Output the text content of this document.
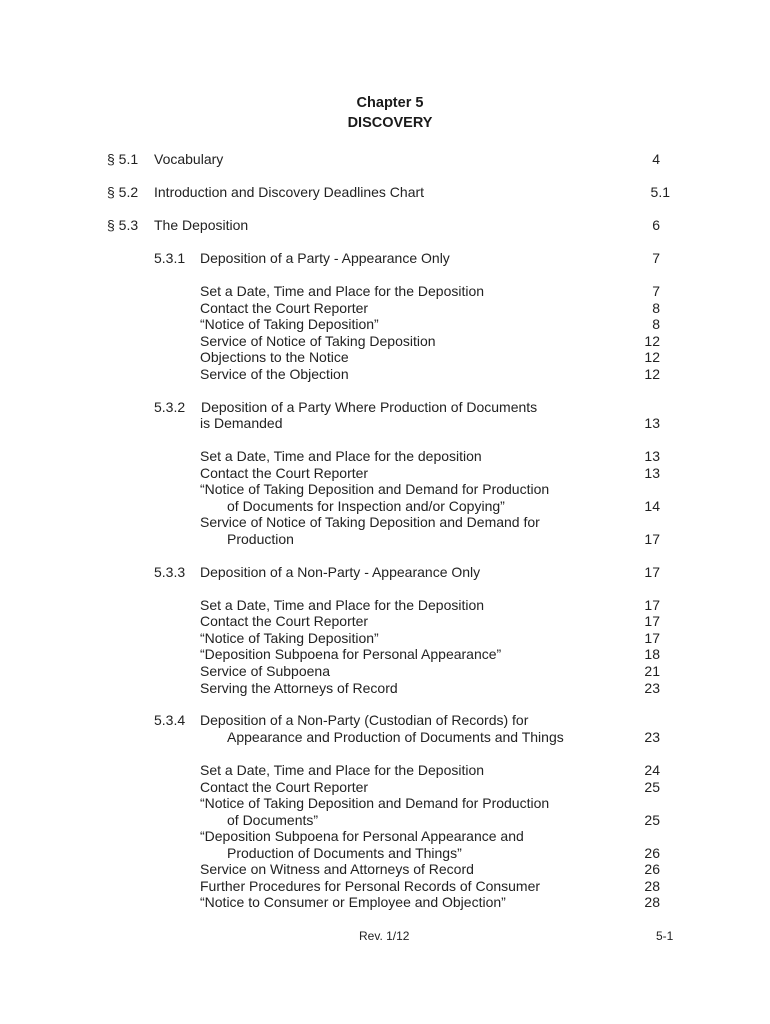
Chapter 5
DISCOVERY
§ 5.1 Vocabulary	4
§ 5.2 Introduction and Discovery Deadlines Chart	5.1
§ 5.3 The Deposition	6
5.3.1 Deposition of a Party - Appearance Only	7
Set a Date, Time and Place for the Deposition	7
Contact the Court Reporter	8
“Notice of Taking Deposition”	8
Service of Notice of Taking Deposition	12
Objections to the Notice	12
Service of the Objection	12
5.3.2 Deposition of a Party Where Production of Documents
is Demanded	13
Set a Date, Time and Place for the deposition	13
Contact the Court Reporter	13
“Notice of Taking Deposition and Demand for Production
of Documents for Inspection and/or Copying”	14
Service of Notice of Taking Deposition and Demand for
Production	17
5.3.3 Deposition of a Non-Party - Appearance Only	17
Set a Date, Time and Place for the Deposition	17
Contact the Court Reporter	17
“Notice of Taking Deposition”	17
“Deposition Subpoena for Personal Appearance”	18
Service of Subpoena	21
Serving the Attorneys of Record	23
5.3.4 Deposition of a Non-Party (Custodian of Records) for
Appearance and Production of Documents and Things	23
Set a Date, Time and Place for the Deposition	24
Contact the Court Reporter	25
“Notice of Taking Deposition and Demand for Production
of Documents”	25
“Deposition Subpoena for Personal Appearance and
Production of Documents and Things”	26
Service on Witness and Attorneys of Record	26
Further Procedures for Personal Records of Consumer	28
“Notice to Consumer or Employee and Objection”	28
Rev. 1/12	5-1
